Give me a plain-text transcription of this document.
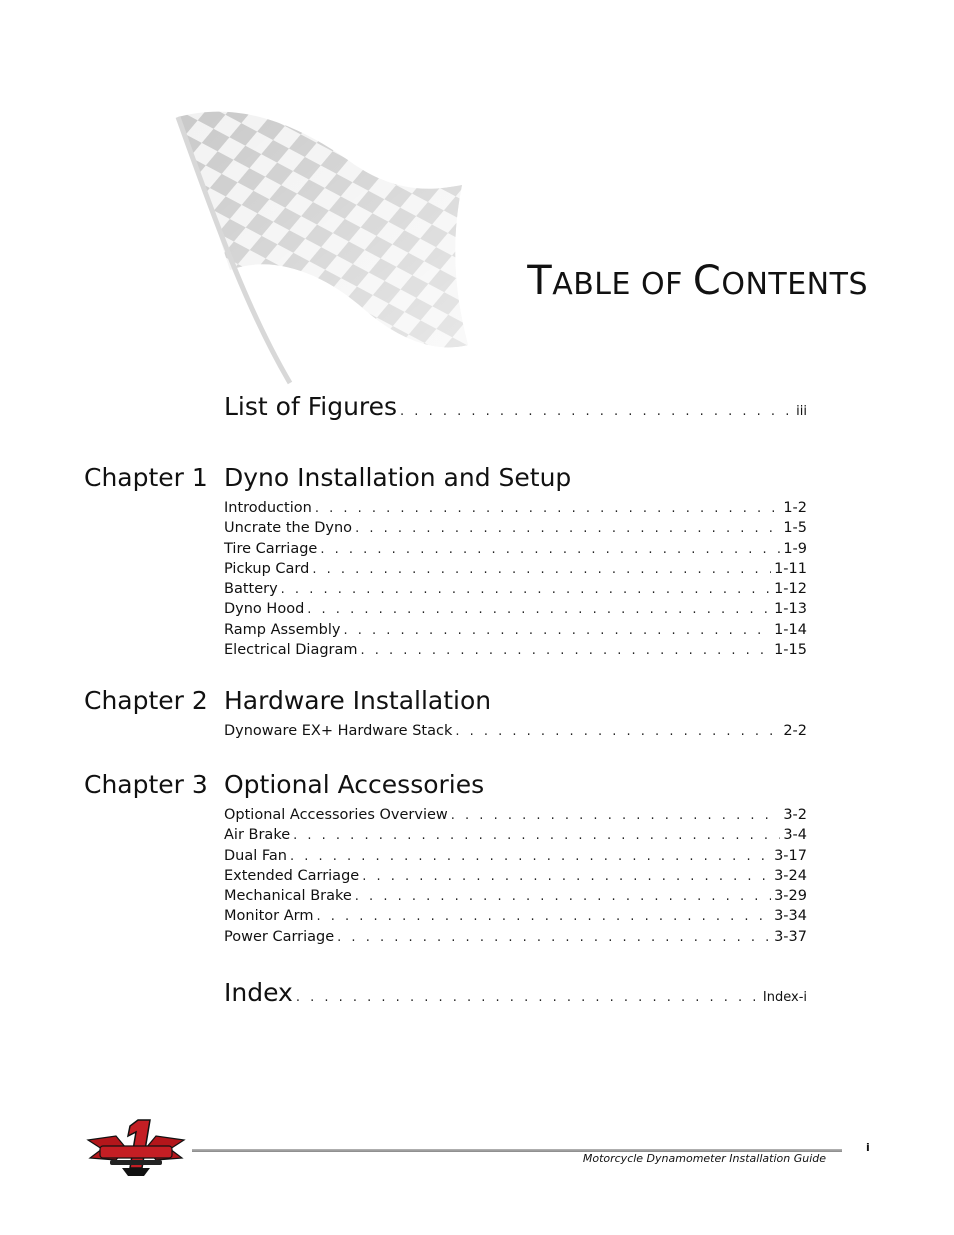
TABLE OF CONTENTS
List of Figures . . .	iii
Chapter 1 Dyno Installation and Setup
Introduction . . .	1-2
Uncrate the Dyno . . .	1-5
Tire Carriage . . .	1-9
Pickup Card . . .	1-11
Battery . . .	1-12
Dyno Hood . . .	1-13
Ramp Assembly . . .	1-14
Electrical Diagram . . .	1-15
Chapter 2 Hardware Installation
Dynoware EX+ Hardware Stack . . .	2-2
Chapter 3 Optional Accessories
Optional Accessories Overview . . .	3-2
Air Brake . . .	3-4
Dual Fan . . .	3-17
Extended Carriage . . .	3-24
Mechanical Brake . . .	3-29
Monitor Arm . . .	3-34
Power Carriage . . .	3-37
Index . . .	Index-i
Motorcycle Dynamometer Installation Guide
i
